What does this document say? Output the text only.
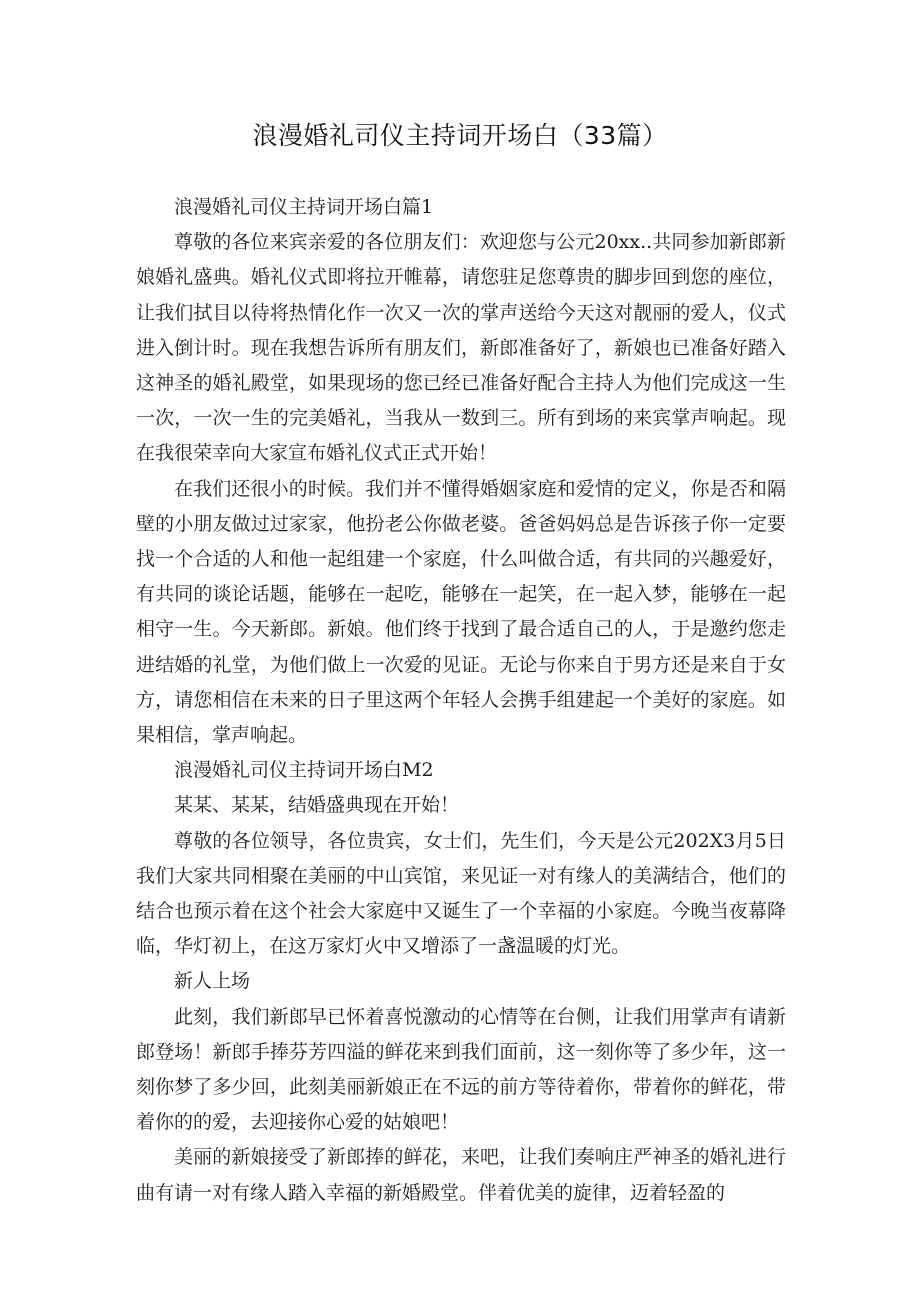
浪漫婚礼司仪主持词开场白（33篇）

浪漫婚礼司仪主持词开场白篇1

尊敬的各位来宾亲爱的各位朋友们：欢迎您与公元20xx..共同参加新郎新娘婚礼盛典。婚礼仪式即将拉开帷幕，请您驻足您尊贵的脚步回到您的座位，让我们拭目以待将热情化作一次又一次的掌声送给今天这对靓丽的爱人，仪式进入倒计时。现在我想告诉所有朋友们，新郎准备好了，新娘也已准备好踏入这神圣的婚礼殿堂，如果现场的您已经已准备好配合主持人为他们完成这一生一次，一次一生的完美婚礼，当我从一数到三。所有到场的来宾掌声响起。现在我很荣幸向大家宣布婚礼仪式正式开始！

在我们还很小的时候。我们并不懂得婚姻家庭和爱情的定义，你是否和隔壁的小朋友做过过家家，他扮老公你做老婆。爸爸妈妈总是告诉孩子你一定要找一个合适的人和他一起组建一个家庭，什么叫做合适，有共同的兴趣爱好，有共同的谈论话题，能够在一起吃，能够在一起笑，在一起入梦，能够在一起相守一生。今天新郎。新娘。他们终于找到了最合适自己的人，于是邀约您走进结婚的礼堂，为他们做上一次爱的见证。无论与你来自于男方还是来自于女方，请您相信在未来的日子里这两个年轻人会携手组建起一个美好的家庭。如果相信，掌声响起。

浪漫婚礼司仪主持词开场白M2

某某、某某，结婚盛典现在开始！

尊敬的各位领导，各位贵宾，女士们，先生们，今天是公元202X3月5日我们大家共同相聚在美丽的中山宾馆，来见证一对有缘人的美满结合，他们的结合也预示着在这个社会大家庭中又诞生了一个幸福的小家庭。今晚当夜幕降临，华灯初上，在这万家灯火中又增添了一盏温暖的灯光。

新人上场

此刻，我们新郎早已怀着喜悦激动的心情等在台侧，让我们用掌声有请新郎登场！新郎手捧芬芳四溢的鲜花来到我们面前，这一刻你等了多少年，这一刻你梦了多少回，此刻美丽新娘正在不远的前方等待着你，带着你的鲜花，带着你的的爱，去迎接你心爱的姑娘吧！

美丽的新娘接受了新郎捧的鲜花，来吧，让我们奏响庄严神圣的婚礼进行曲有请一对有缘人踏入幸福的新婚殿堂。伴着优美的旋律，迈着轻盈的
